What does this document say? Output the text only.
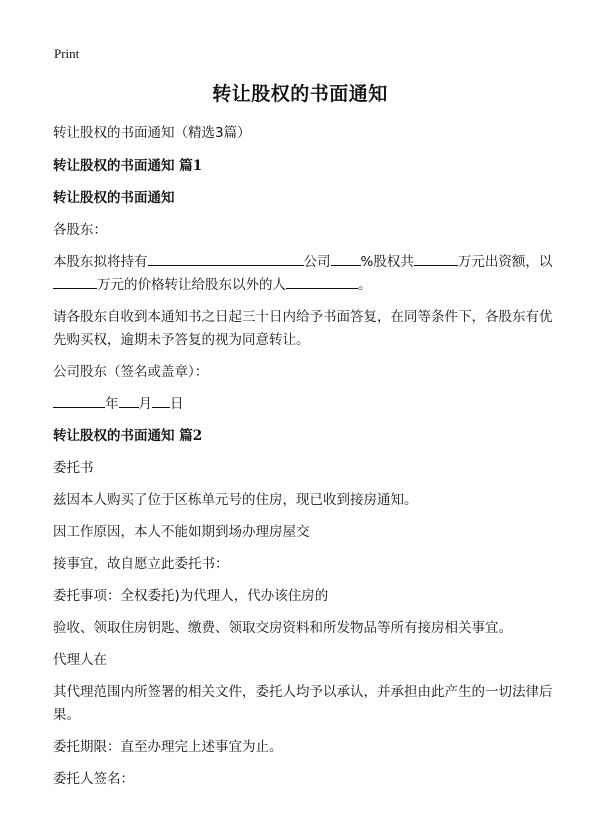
Print
转让股权的书面通知
转让股权的书面通知（精选3篇）
转让股权的书面通知 篇1
转让股权的书面通知
各股东：
本股东拟将持有	公司 %股权共	万元出资额，以万元的价格转让给股东以外的人	。
请各股东自收到本通知书之日起三十日内给予书面答复，在同等条件下，各股东有优先购买权，逾期未予答复的视为同意转让。
公司股东（签名或盖章）：
年 月 日
转让股权的书面通知 篇2
委托书
兹因本人购买了位于区栋单元号的住房，现已收到接房通知。
因工作原因，本人不能如期到场办理房屋交
接事宜，故自愿立此委托书：
委托事项：全权委托)为代理人，代办该住房的
验收、领取住房钥匙、缴费、领取交房资料和所发物品等所有接房相关事宜。
代理人在
其代理范围内所签署的相关文件，委托人均予以承认，并承担由此产生的一切法律后果。
委托期限：直至办理完上述事宜为止。
委托人签名：
